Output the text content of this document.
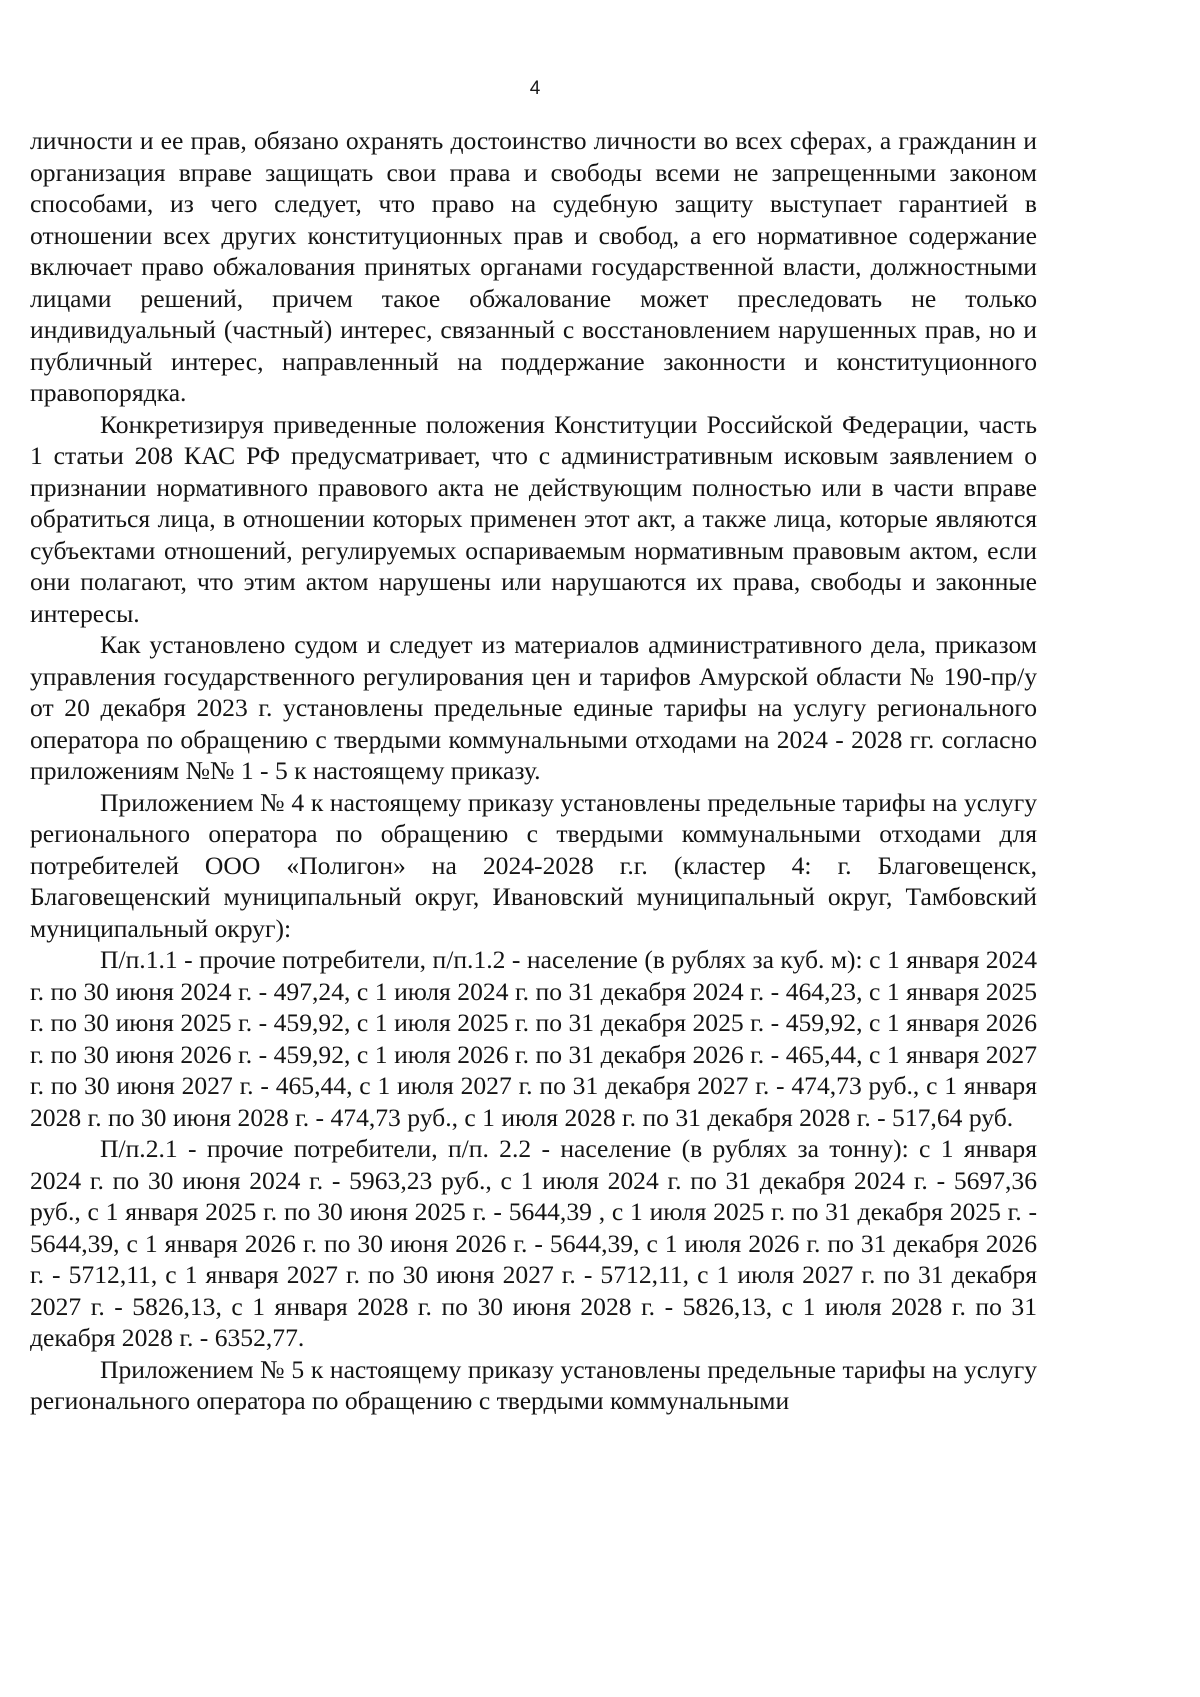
4

личности и ее прав, обязано охранять достоинство личности во всех сферах, а гражданин и организация вправе защищать свои права и свободы всеми не запрещенными законом способами, из чего следует, что право на судебную защиту выступает гарантией в отношении всех других конституционных прав и свобод, а его нормативное содержание включает право обжалования принятых органами государственной власти, должностными лицами решений, причем такое обжалование может преследовать не только индивидуальный (частный) интерес, связанный с восстановлением нарушенных прав, но и публичный интерес, направленный на поддержание законности и конституционного правопорядка.

Конкретизируя приведенные положения Конституции Российской Федерации, часть 1 статьи 208 КАС РФ предусматривает, что с административным исковым заявлением о признании нормативного правового акта не действующим полностью или в части вправе обратиться лица, в отношении которых применен этот акт, а также лица, которые являются субъектами отношений, регулируемых оспариваемым нормативным правовым актом, если они полагают, что этим актом нарушены или нарушаются их права, свободы и законные интересы.

Как установлено судом и следует из материалов административного дела, приказом управления государственного регулирования цен и тарифов Амурской области № 190-пр/у от 20 декабря 2023 г. установлены предельные единые тарифы на услугу регионального оператора по обращению с твердыми коммунальными отходами на 2024 - 2028 гг. согласно приложениям №№ 1 - 5 к настоящему приказу.

Приложением № 4 к настоящему приказу установлены предельные тарифы на услугу регионального оператора по обращению с твердыми коммунальными отходами для потребителей ООО «Полигон» на 2024-2028 г.г. (кластер 4: г. Благовещенск, Благовещенский муниципальный округ, Ивановский муниципальный округ, Тамбовский муниципальный округ):

П/п.1.1 - прочие потребители, п/п.1.2 - население (в рублях за куб. м): с 1 января 2024 г. по 30 июня 2024 г. - 497,24, с 1 июля 2024 г. по 31 декабря 2024 г. - 464,23, с 1 января 2025 г. по 30 июня 2025 г. - 459,92, с 1 июля 2025 г. по 31 декабря 2025 г. - 459,92, с 1 января 2026 г. по 30 июня 2026 г. - 459,92, с 1 июля 2026 г. по 31 декабря 2026 г. - 465,44, с 1 января 2027 г. по 30 июня 2027 г. - 465,44, с 1 июля 2027 г. по 31 декабря 2027 г. - 474,73 руб., с 1 января 2028 г. по 30 июня 2028 г. - 474,73 руб., с 1 июля 2028 г. по 31 декабря 2028 г. - 517,64 руб.

П/п.2.1 - прочие потребители, п/п. 2.2 - население (в рублях за тонну): с 1 января 2024 г. по 30 июня 2024 г. - 5963,23 руб., с 1 июля 2024 г. по 31 декабря 2024 г. - 5697,36 руб., с 1 января 2025 г. по 30 июня 2025 г. - 5644,39 , с 1 июля 2025 г. по 31 декабря 2025 г. - 5644,39, с 1 января 2026 г. по 30 июня 2026 г. - 5644,39, с 1 июля 2026 г. по 31 декабря 2026 г. - 5712,11, с 1 января 2027 г. по 30 июня 2027 г. - 5712,11, с 1 июля 2027 г. по 31 декабря 2027 г. - 5826,13, с 1 января 2028 г. по 30 июня 2028 г. - 5826,13, с 1 июля 2028 г. по 31 декабря 2028 г. - 6352,77.

Приложением № 5 к настоящему приказу установлены предельные тарифы на услугу регионального оператора по обращению с твердыми коммунальными
